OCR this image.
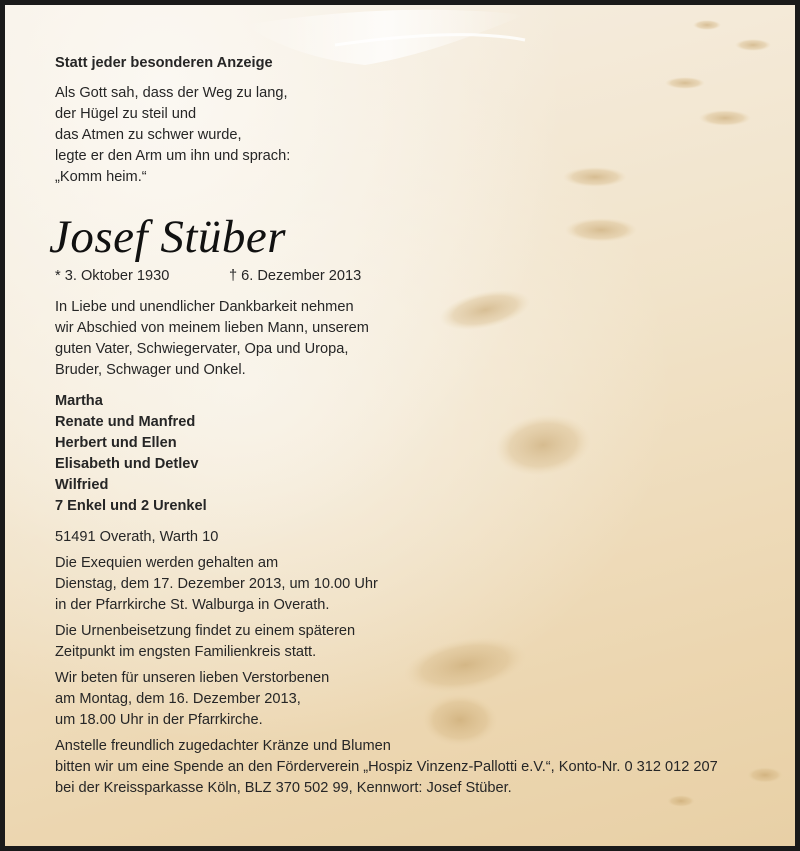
Statt jeder besonderen Anzeige

Als Gott sah, dass der Weg zu lang,

der Hügel zu steil und

das Atmen zu schwer wurde,

legte er den Arm um ihn und sprach:

„Komm heim.“

Josef Stüber

* 3. Oktober 1930	† 6. Dezember 2013

In Liebe und unendlicher Dankbarkeit nehmen

wir Abschied von meinem lieben Mann, unserem

guten Vater, Schwiegervater, Opa und Uropa,

Bruder, Schwager und Onkel.

Martha

Renate und Manfred

Herbert und Ellen

Elisabeth und Detlev

Wilfried

7 Enkel und 2 Urenkel

51491 Overath, Warth 10

Die Exequien werden gehalten am

Dienstag, dem 17. Dezember 2013, um 10.00 Uhr

in der Pfarrkirche St. Walburga in Overath.

Die Urnenbeisetzung findet zu einem späteren

Zeitpunkt im engsten Familienkreis statt.

Wir beten für unseren lieben Verstorbenen

am Montag, dem 16. Dezember 2013,

um 18.00 Uhr in der Pfarrkirche.

Anstelle freundlich zugedachter Kränze und Blumen

bitten wir um eine Spende an den Förderverein „Hospiz Vinzenz-Pallotti e.V.“, Konto-Nr. 0 312 012 207

bei der Kreissparkasse Köln, BLZ 370 502 99, Kennwort: Josef Stüber.
